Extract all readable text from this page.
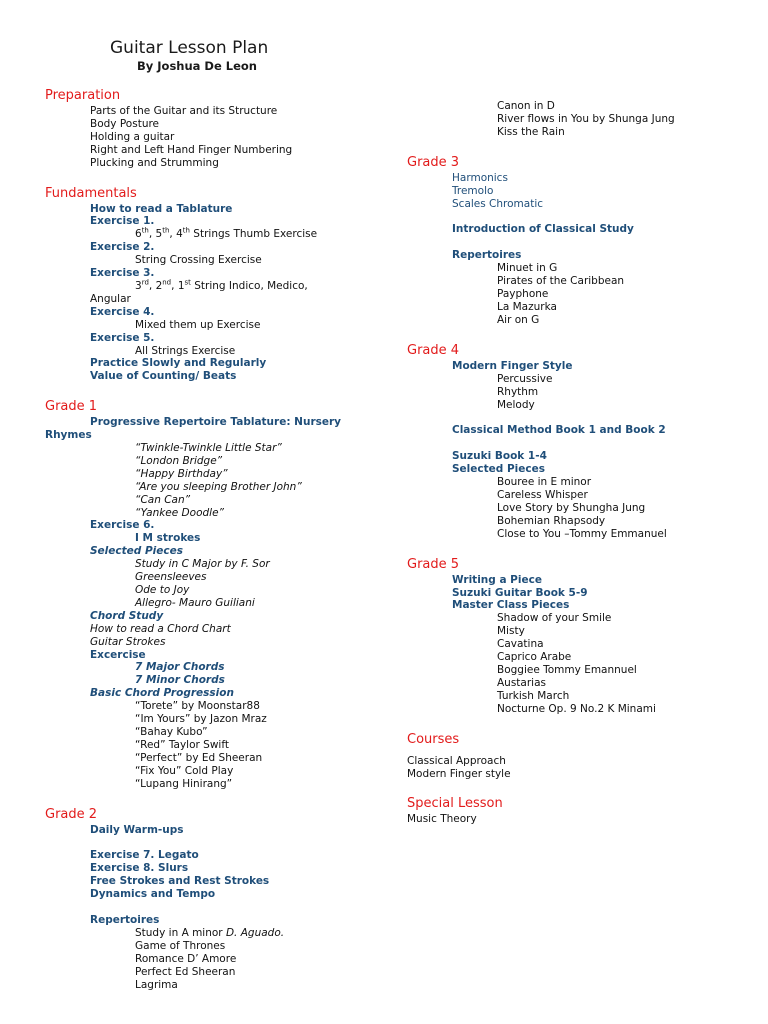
Guitar Lesson Plan
By Joshua De Leon
Preparation
Parts of the Guitar and its Structure
Body Posture
Holding a guitar
Right and Left Hand Finger Numbering
Plucking and Strumming
Fundamentals
How to read a Tablature
Exercise 1.
6th, 5th, 4th Strings Thumb Exercise
Exercise 2.
String Crossing Exercise
Exercise 3.
3rd, 2nd, 1st String Indico, Medico,
Angular
Exercise 4.
Mixed them up Exercise
Exercise 5.
All Strings Exercise
Practice Slowly and Regularly
Value of Counting/ Beats
Grade 1
Progressive Repertoire Tablature: Nursery
Rhymes
“Twinkle-Twinkle Little Star”
“London Bridge”
“Happy Birthday”
“Are you sleeping Brother John”
“Can Can”
“Yankee Doodle”
Exercise 6.
I M strokes
Selected Pieces
Study in C Major by F. Sor
Greensleeves
Ode to Joy
Allegro- Mauro Guiliani
Chord Study
How to read a Chord Chart
Guitar Strokes
Excercise
7 Major Chords
7 Minor Chords
Basic Chord Progression
“Torete” by Moonstar88
“Im Yours” by Jazon Mraz
“Bahay Kubo”
“Red” Taylor Swift
“Perfect” by Ed Sheeran
“Fix You” Cold Play
“Lupang Hinirang”
Grade 2
Daily Warm-ups
Exercise 7. Legato
Exercise 8. Slurs
Free Strokes and Rest Strokes
Dynamics and Tempo
Repertoires
Study in A minor D. Aguado.
Game of Thrones
Romance D’ Amore
Perfect Ed Sheeran
Lagrima
Canon in D
River flows in You by Shunga Jung
Kiss the Rain
Grade 3
Harmonics
Tremolo
Scales Chromatic
Introduction of Classical Study
Repertoires
Minuet in G
Pirates of the Caribbean
Payphone
La Mazurka
Air on G
Grade 4
Modern Finger Style
Percussive
Rhythm
Melody
Classical Method Book 1 and Book 2
Suzuki Book 1-4
Selected Pieces
Bouree in E minor
Careless Whisper
Love Story by Shungha Jung
Bohemian Rhapsody
Close to You –Tommy Emmanuel
Grade 5
Writing a Piece
Suzuki Guitar Book 5-9
Master Class Pieces
Shadow of your Smile
Misty
Cavatina
Caprico Arabe
Boggiee Tommy Emannuel
Austarias
Turkish March
Nocturne Op. 9 No.2 K Minami
Courses
Classical Approach
Modern Finger style
Special Lesson
Music Theory
